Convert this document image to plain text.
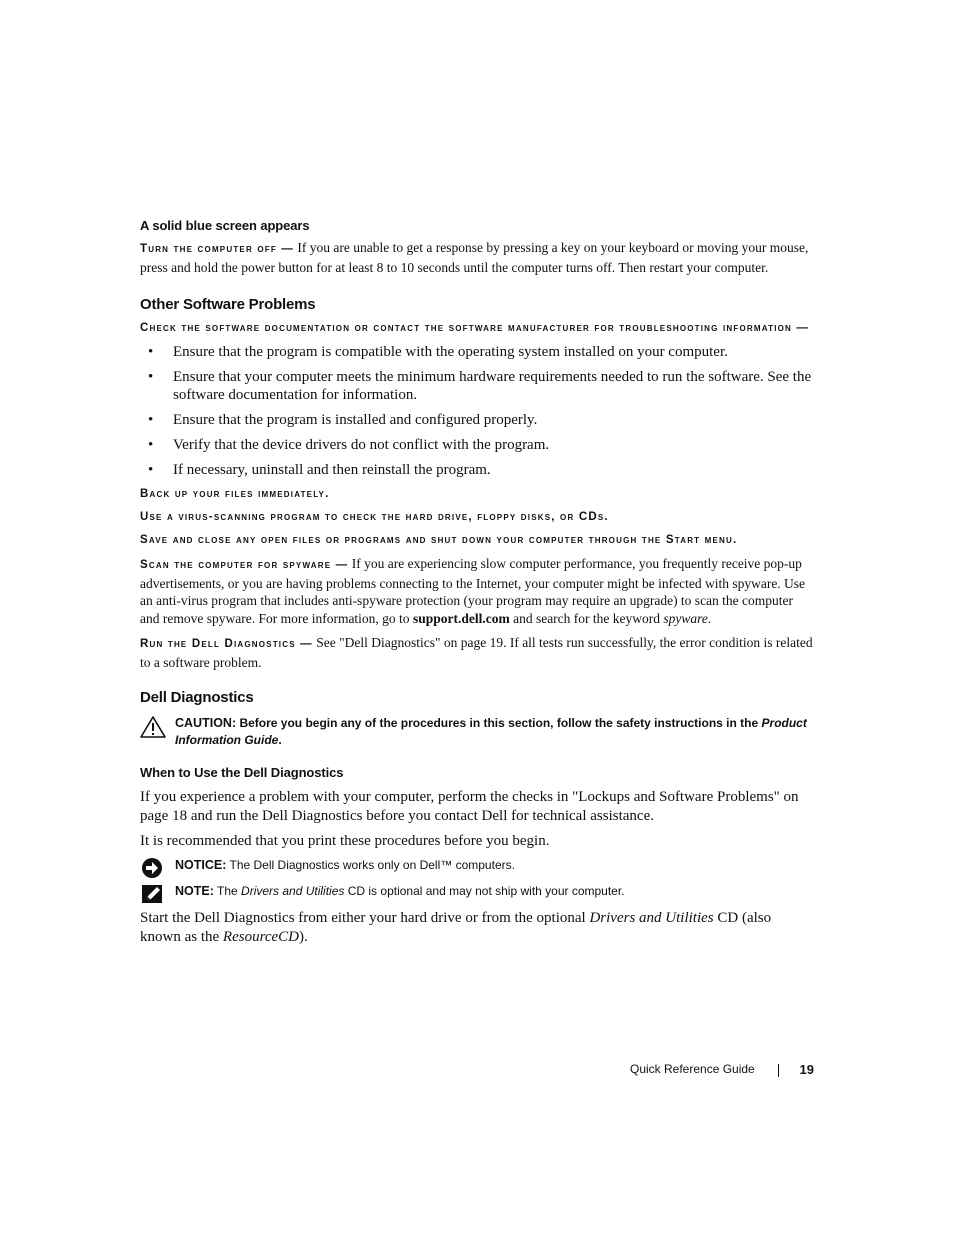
A solid blue screen appears

Turn the computer off — If you are unable to get a response by pressing a key on your keyboard or moving your mouse, press and hold the power button for at least 8 to 10 seconds until the computer turns off. Then restart your computer.

Other Software Problems
Check the software documentation or contact the software manufacturer for troubleshooting information —
• Ensure that the program is compatible with the operating system installed on your computer.
• Ensure that your computer meets the minimum hardware requirements needed to run the software. See the software documentation for information.
• Ensure that the program is installed and configured properly.
• Verify that the device drivers do not conflict with the program.
• If necessary, uninstall and then reinstall the program.
Back up your files immediately.
Use a virus-scanning program to check the hard drive, floppy disks, or CDs.
Save and close any open files or programs and shut down your computer through the Start menu.

Scan the computer for spyware — If you are experiencing slow computer performance, you frequently receive pop-up advertisements, or you are having problems connecting to the Internet, your computer might be infected with spyware. Use an anti-virus program that includes anti-spyware protection (your program may require an upgrade) to scan the computer and remove spyware. For more information, go to support.dell.com and search for the keyword spyware.

Run the Dell Diagnostics — See "Dell Diagnostics" on page 19. If all tests run successfully, the error condition is related to a software problem.

Dell Diagnostics
CAUTION: Before you begin any of the procedures in this section, follow the safety instructions in the Product Information Guide.
When to Use the Dell Diagnostics

If you experience a problem with your computer, perform the checks in "Lockups and Software Problems" on page 18 and run the Dell Diagnostics before you contact Dell for technical assistance.

It is recommended that you print these procedures before you begin.

NOTICE: The Dell Diagnostics works only on Dell™ computers.
NOTE: The Drivers and Utilities CD is optional and may not ship with your computer.

Start the Dell Diagnostics from either your hard drive or from the optional Drivers and Utilities CD (also known as the ResourceCD).

Quick Reference Guide	19
